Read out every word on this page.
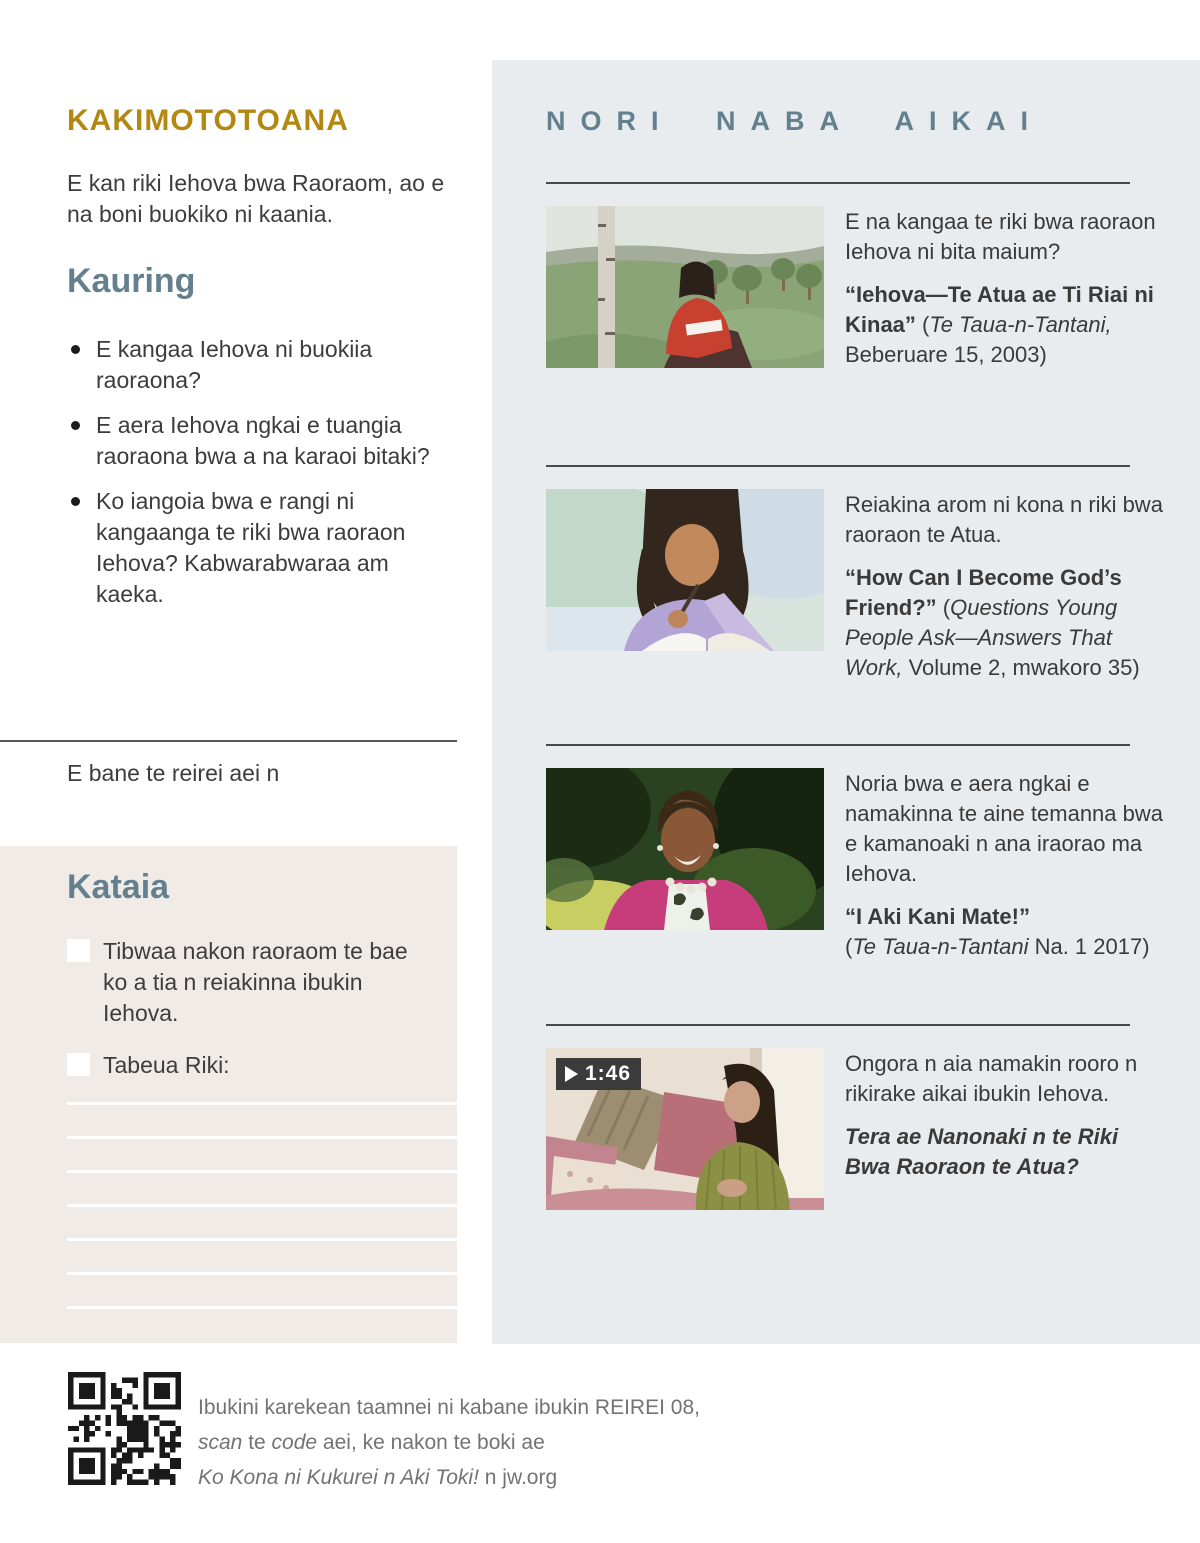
KAKIMOTOTOANA

E kan riki Iehova bwa Raoraom, ao e na boni buokiko ni kaania.

Kauring
E kangaa Iehova ni buokiia raoraona?
E aera Iehova ngkai e tuangia raoraona bwa a na karaoi bitaki?
Ko iangoia bwa e rangi ni kangaanga te riki bwa raoraon Iehova? Kabwarabwaraa am kaeka.

E bane te reirei aei n

Kataia

Tibwaa nakon raoraom te bae ko a tia n reiakinna ibukin Iehova.

Tabeua Riki:

NORI NABA AIKAI

E na kangaa te riki bwa raoraon Iehova ni bita maium?

“Iehova—Te Atua ae Ti Riai ni Kinaa” (Te Taua-n-Tantani, Beberuare 15, 2003)

Reiakina arom ni kona n riki bwa raoraon te Atua.

“How Can I Become God’s Friend?” (Questions Young People Ask—Answers That Work, Volume 2, mwakoro 35)

Noria bwa e aera ngkai e namakinna te aine temanna bwa e kamanoaki n ana iraorao ma Iehova.

“I Aki Kani Mate!”
(Te Taua-n-Tantani Na. 1 2017)

1:46	Ongora n aia namakin rooro n rikirake aikai ibukin Iehova.

Tera ae Nanonaki n te Riki Bwa Raoraon te Atua?

Ibukini karekean taamnei ni kabane ibukin REIREI 08,

scan te code aei, ke nakon te boki ae

Ko Kona ni Kukurei n Aki Toki! n jw.org
